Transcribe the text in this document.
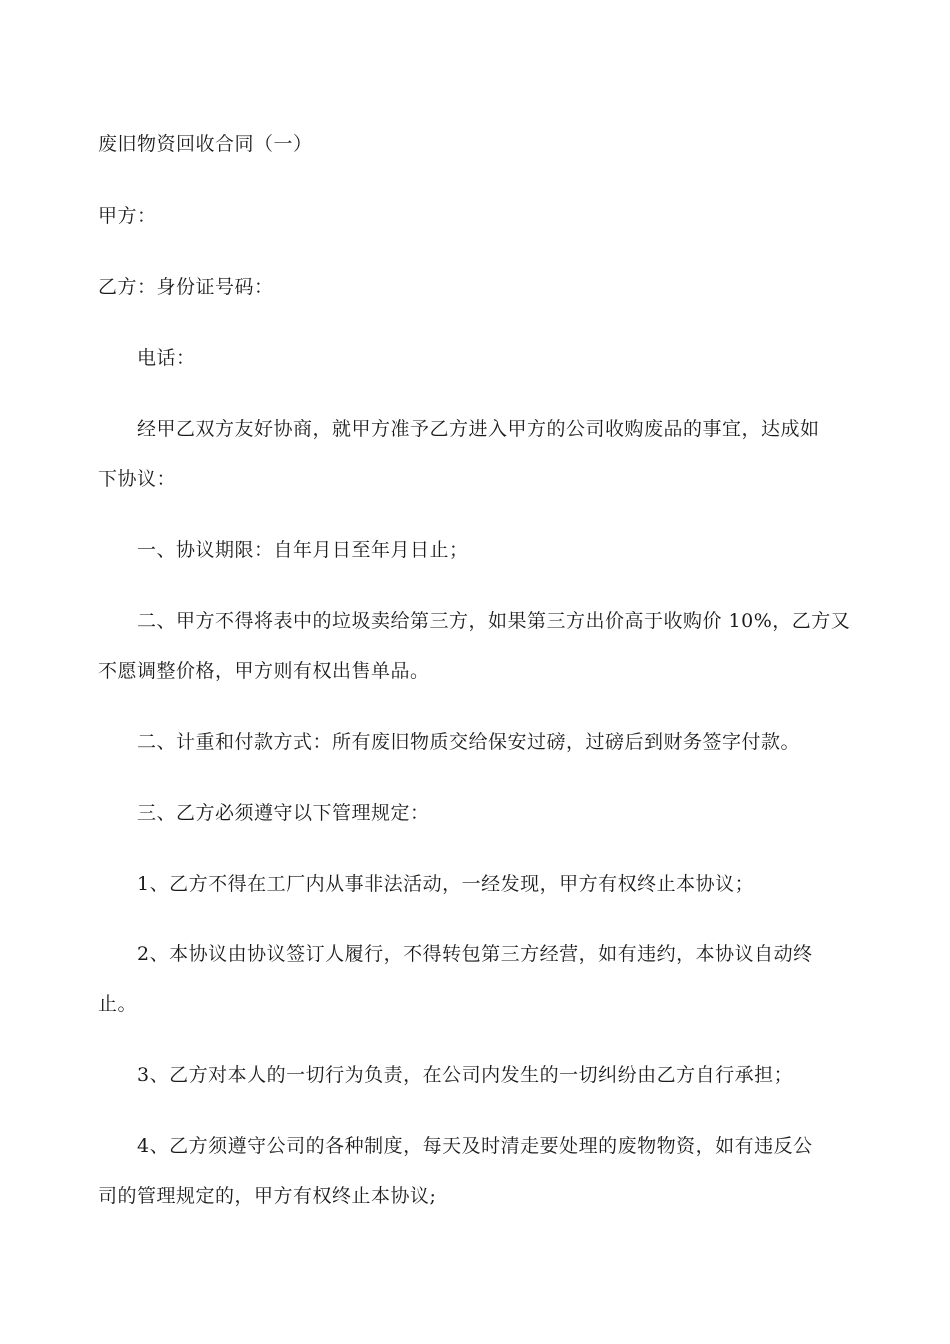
废旧物资回收合同（一）
甲方：
乙方：身份证号码：
电话：
经甲乙双方友好协商，就甲方准予乙方进入甲方的公司收购废品的事宜，达成如
下协议：
一、协议期限：自年月日至年月日止；
二、甲方不得将表中的垃圾卖给第三方，如果第三方出价高于收购价 10%，乙方又
不愿调整价格，甲方则有权出售单品。
二、计重和付款方式：所有废旧物质交给保安过磅，过磅后到财务签字付款。
三、乙方必须遵守以下管理规定：
1、乙方不得在工厂内从事非法活动，一经发现，甲方有权终止本协议；
2、本协议由协议签订人履行，不得转包第三方经营，如有违约，本协议自动终
止。
3、乙方对本人的一切行为负责，在公司内发生的一切纠纷由乙方自行承担；
4、乙方须遵守公司的各种制度，每天及时清走要处理的废物物资，如有违反公
司的管理规定的，甲方有权终止本协议;
